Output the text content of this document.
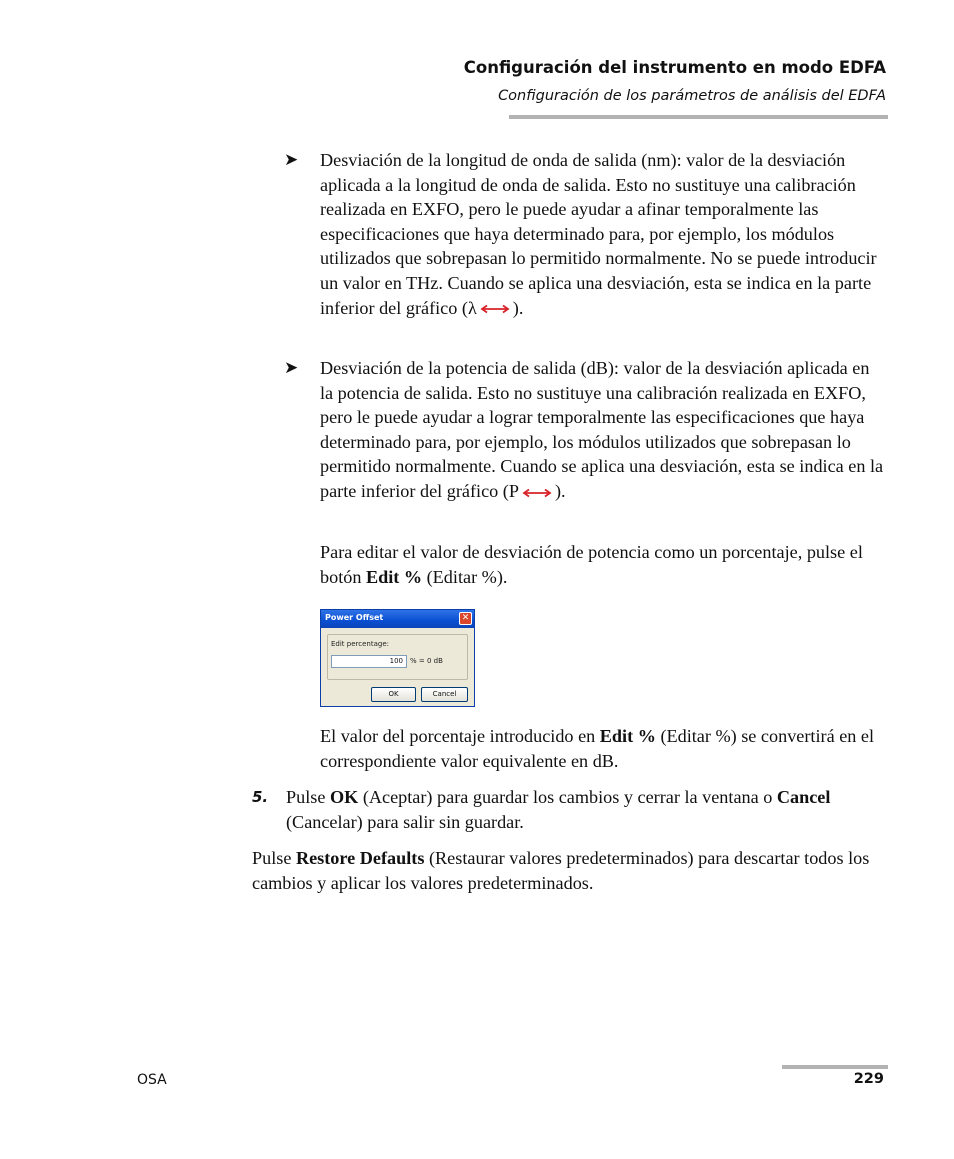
Configuración del instrumento en modo EDFA
Configuración de los parámetros de análisis del EDFA
➤	Desviación de la longitud de onda de salida (nm): valor de la desviación aplicada a la longitud de onda de salida. Esto no sustituye una calibración realizada en EXFO, pero le puede ayudar a afinar temporalmente las especificaciones que haya determinado para, por ejemplo, los módulos utilizados que sobrepasan lo permitido normalmente. No se puede introducir un valor en THz. Cuando se aplica una desviación, esta se indica en la parte inferior del gráfico (λ ).
➤	Desviación de la potencia de salida (dB): valor de la desviación aplicada en la potencia de salida. Esto no sustituye una calibración realizada en EXFO, pero le puede ayudar a lograr temporalmente las especificaciones que haya determinado para, por ejemplo, los módulos utilizados que sobrepasan lo permitido normalmente. Cuando se aplica una desviación, esta se indica en la parte inferior del gráfico (P ).
Para editar el valor de desviación de potencia como un porcentaje, pulse el botón Edit % (Editar %).
Power Offset	✕
Edit percentage:
100	% = 0 dB
OK	Cancel
El valor del porcentaje introducido en Edit % (Editar %) se convertirá en el correspondiente valor equivalente en dB.
5. Pulse OK (Aceptar) para guardar los cambios y cerrar la ventana o Cancel (Cancelar) para salir sin guardar.
Pulse Restore Defaults (Restaurar valores predeterminados) para descartar todos los cambios y aplicar los valores predeterminados.
OSA	229
